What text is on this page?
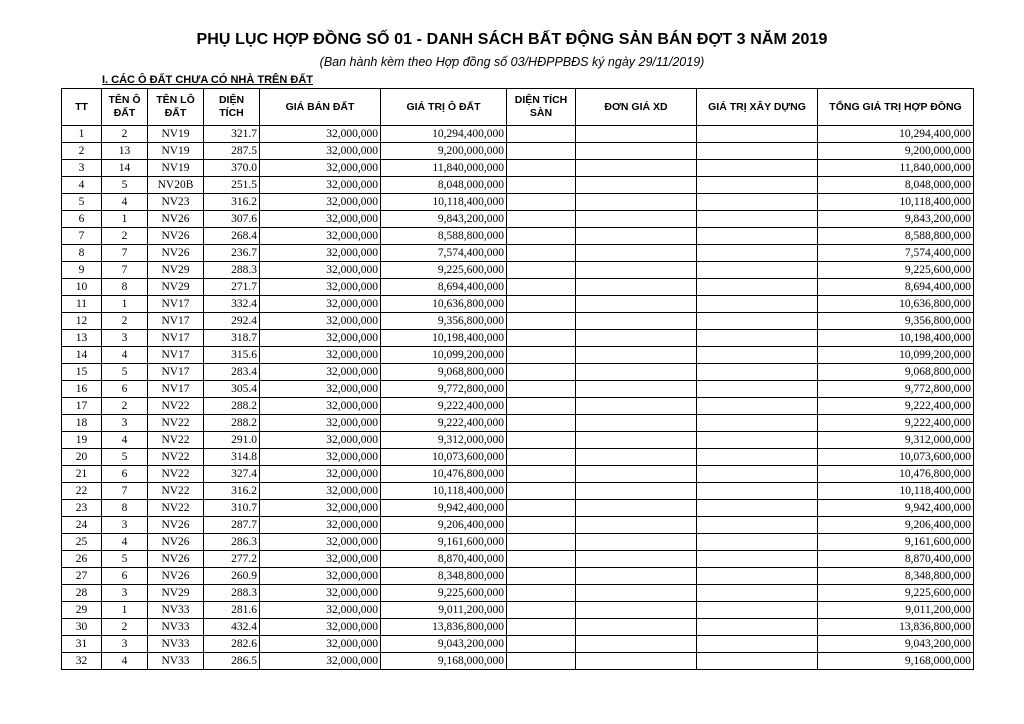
PHỤ LỤC HỢP ĐỒNG SỐ 01 - DANH SÁCH BẤT ĐỘNG SẢN BÁN ĐỢT 3 NĂM 2019
(Ban hành kèm theo Hợp đồng số 03/HĐPPBĐS ký ngày 29/11/2019)
I. CÁC Ô ĐẤT CHƯA CÓ NHÀ TRÊN ĐẤT
TT	TÊN Ô ĐẤT	TÊN LÔ ĐẤT	DIỆN TÍCH	GIÁ BÁN ĐẤT	GIÁ TRỊ Ô ĐẤT	DIỆN TÍCH SÀN	ĐƠN GIÁ XD	GIÁ TRỊ XÂY DỰNG	TỔNG GIÁ TRỊ HỢP ĐỒNG
1	2	NV19	321.7	32,000,000	10,294,400,000				10,294,400,000
2	13	NV19	287.5	32,000,000	9,200,000,000				9,200,000,000
3	14	NV19	370.0	32,000,000	11,840,000,000				11,840,000,000
4	5	NV20B	251.5	32,000,000	8,048,000,000				8,048,000,000
5	4	NV23	316.2	32,000,000	10,118,400,000				10,118,400,000
6	1	NV26	307.6	32,000,000	9,843,200,000				9,843,200,000
7	2	NV26	268.4	32,000,000	8,588,800,000				8,588,800,000
8	7	NV26	236.7	32,000,000	7,574,400,000				7,574,400,000
9	7	NV29	288.3	32,000,000	9,225,600,000				9,225,600,000
10	8	NV29	271.7	32,000,000	8,694,400,000				8,694,400,000
11	1	NV17	332.4	32,000,000	10,636,800,000				10,636,800,000
12	2	NV17	292.4	32,000,000	9,356,800,000				9,356,800,000
13	3	NV17	318.7	32,000,000	10,198,400,000				10,198,400,000
14	4	NV17	315.6	32,000,000	10,099,200,000				10,099,200,000
15	5	NV17	283.4	32,000,000	9,068,800,000				9,068,800,000
16	6	NV17	305.4	32,000,000	9,772,800,000				9,772,800,000
17	2	NV22	288.2	32,000,000	9,222,400,000				9,222,400,000
18	3	NV22	288.2	32,000,000	9,222,400,000				9,222,400,000
19	4	NV22	291.0	32,000,000	9,312,000,000				9,312,000,000
20	5	NV22	314.8	32,000,000	10,073,600,000				10,073,600,000
21	6	NV22	327.4	32,000,000	10,476,800,000				10,476,800,000
22	7	NV22	316.2	32,000,000	10,118,400,000				10,118,400,000
23	8	NV22	310.7	32,000,000	9,942,400,000				9,942,400,000
24	3	NV26	287.7	32,000,000	9,206,400,000				9,206,400,000
25	4	NV26	286.3	32,000,000	9,161,600,000				9,161,600,000
26	5	NV26	277.2	32,000,000	8,870,400,000				8,870,400,000
27	6	NV26	260.9	32,000,000	8,348,800,000				8,348,800,000
28	3	NV29	288.3	32,000,000	9,225,600,000				9,225,600,000
29	1	NV33	281.6	32,000,000	9,011,200,000				9,011,200,000
30	2	NV33	432.4	32,000,000	13,836,800,000				13,836,800,000
31	3	NV33	282.6	32,000,000	9,043,200,000				9,043,200,000
32	4	NV33	286.5	32,000,000	9,168,000,000				9,168,000,000
